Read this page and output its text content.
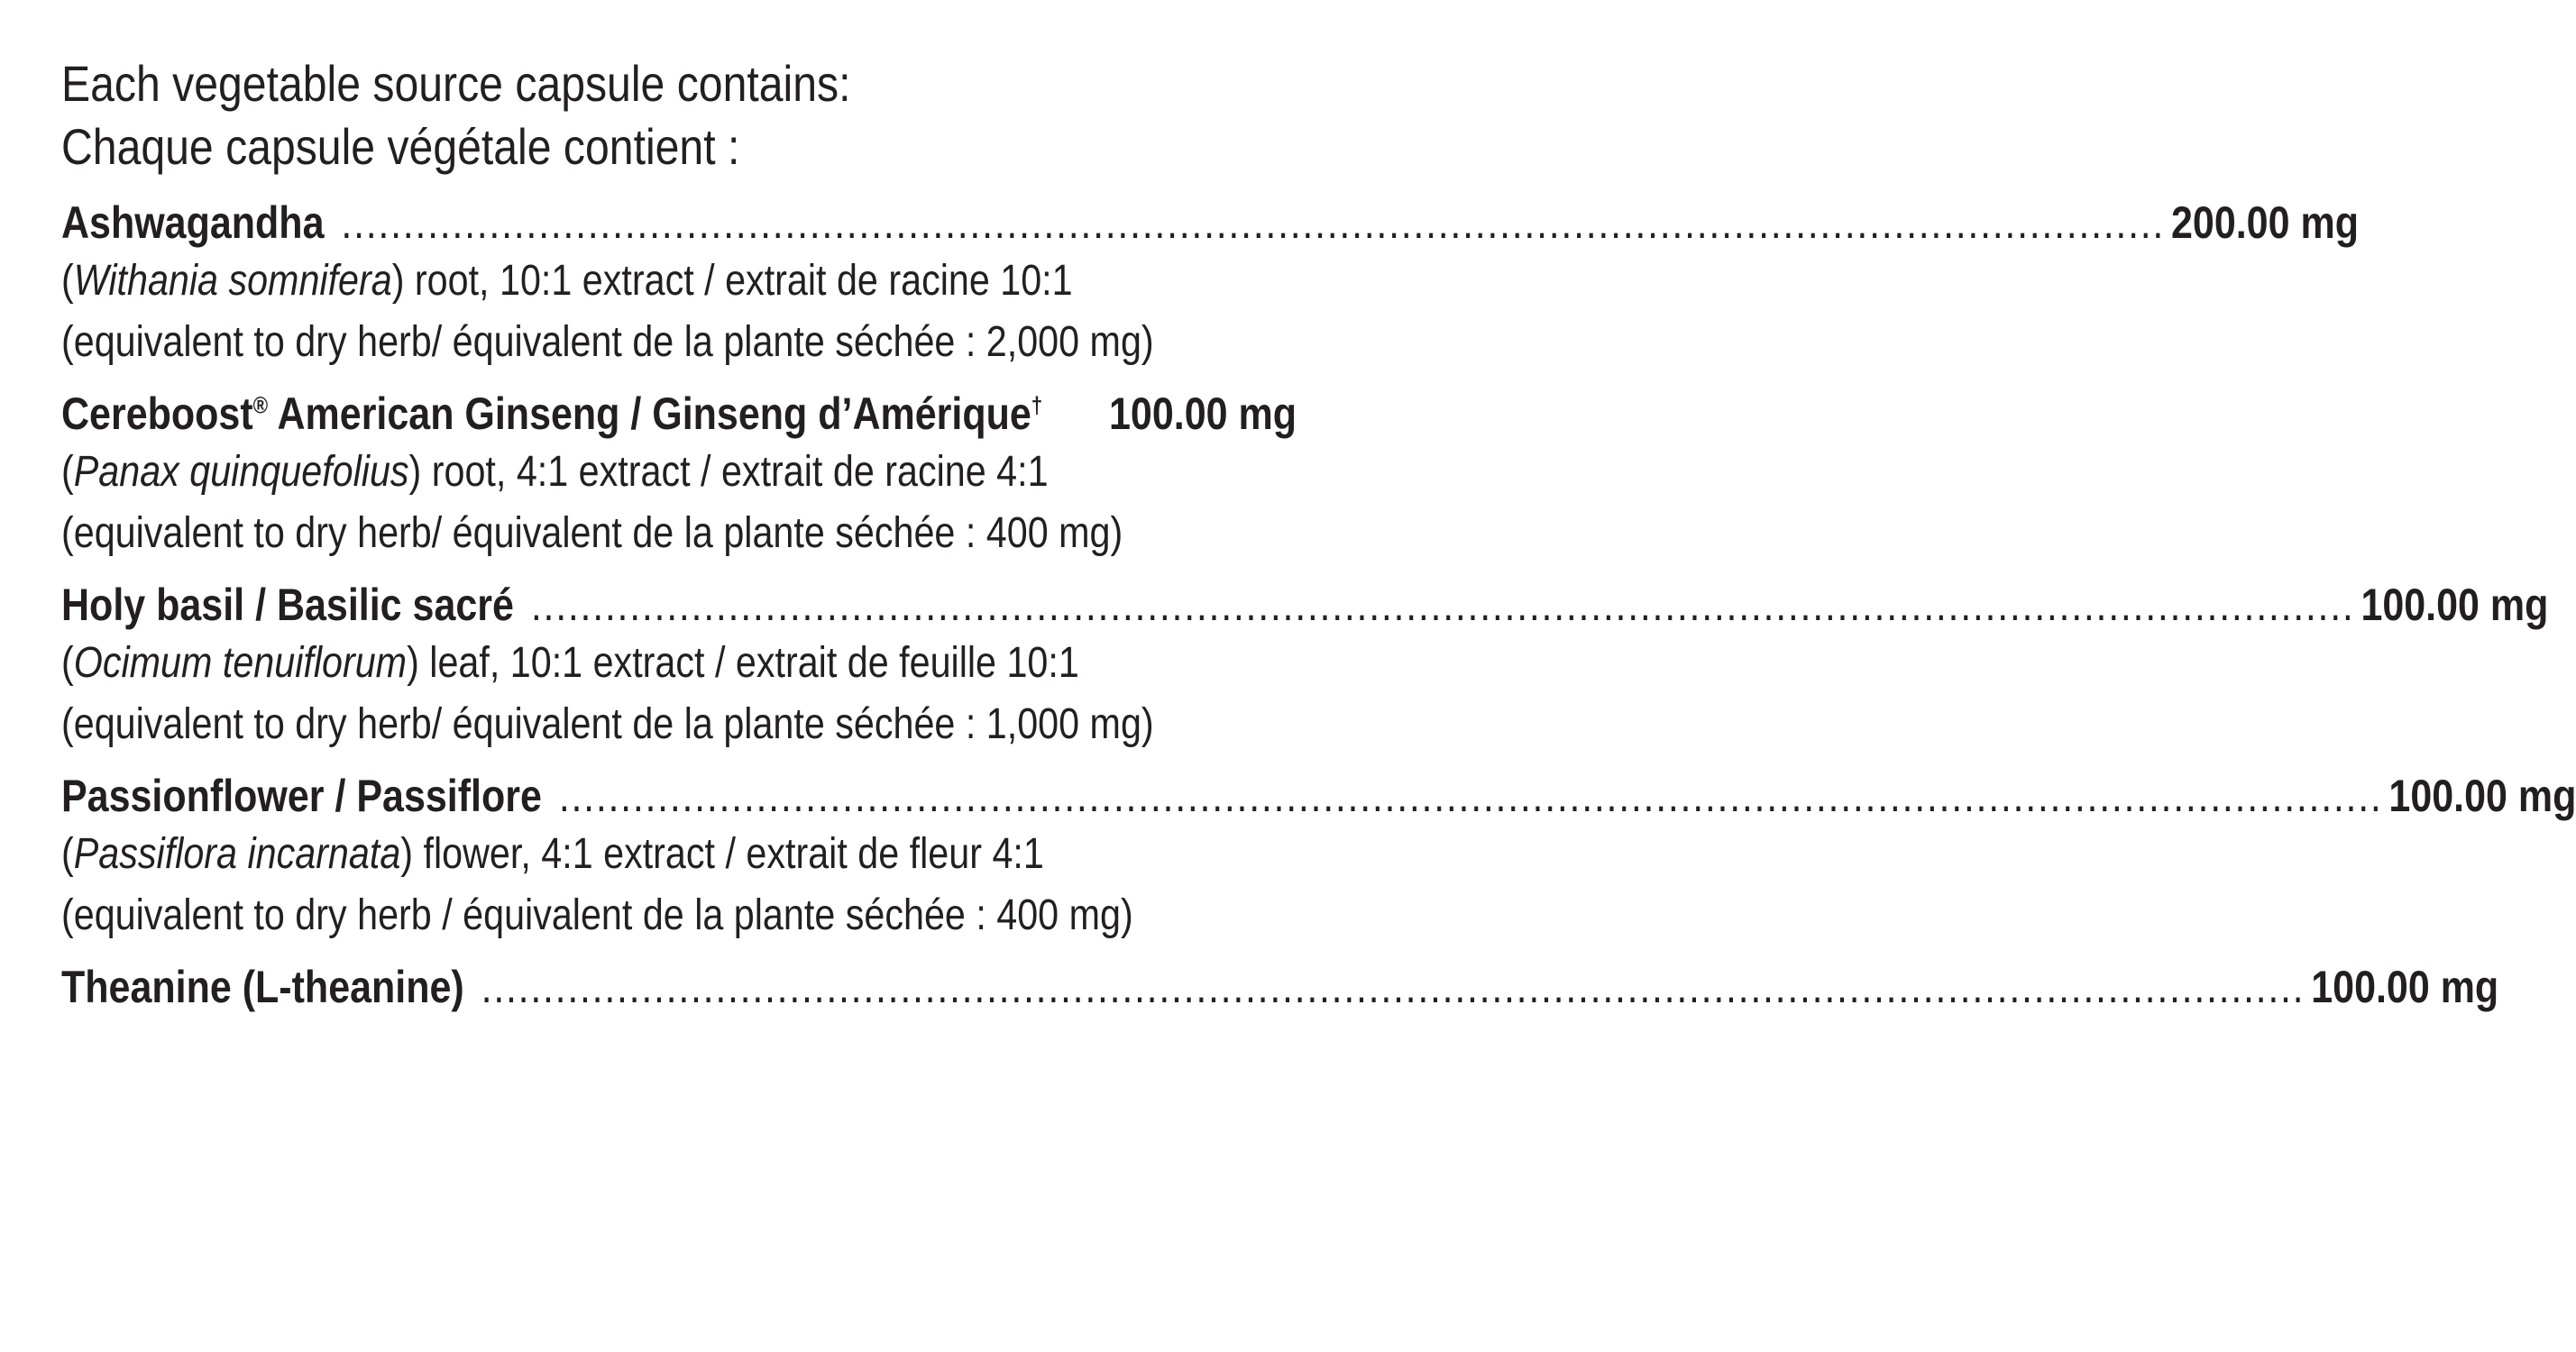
Each vegetable source capsule contains:
Chaque capsule végétale contient :
Ashwagandha .................................................................................................................................................... 200.00 mg
(Withania somnifera) root, 10:1 extract / extrait de racine 10:1
(equivalent to dry herb/ équivalent de la plante séchée : 2,000 mg)
Cereboost® American Ginseng / Ginseng d’Amérique† 100.00 mg
(Panax quinquefolius) root, 4:1 extract / extrait de racine 4:1
(equivalent to dry herb/ équivalent de la plante séchée : 400 mg)
Holy basil / Basilic sacré .................................................................................................................................................... 100.00 mg
(Ocimum tenuiflorum) leaf, 10:1 extract / extrait de feuille 10:1
(equivalent to dry herb/ équivalent de la plante séchée : 1,000 mg)
Passionflower / Passiflore .................................................................................................................................................... 100.00 mg
(Passiflora incarnata) flower, 4:1 extract / extrait de fleur 4:1
(equivalent to dry herb / équivalent de la plante séchée : 400 mg)
Theanine (L-theanine) .................................................................................................................................................... 100.00 mg
